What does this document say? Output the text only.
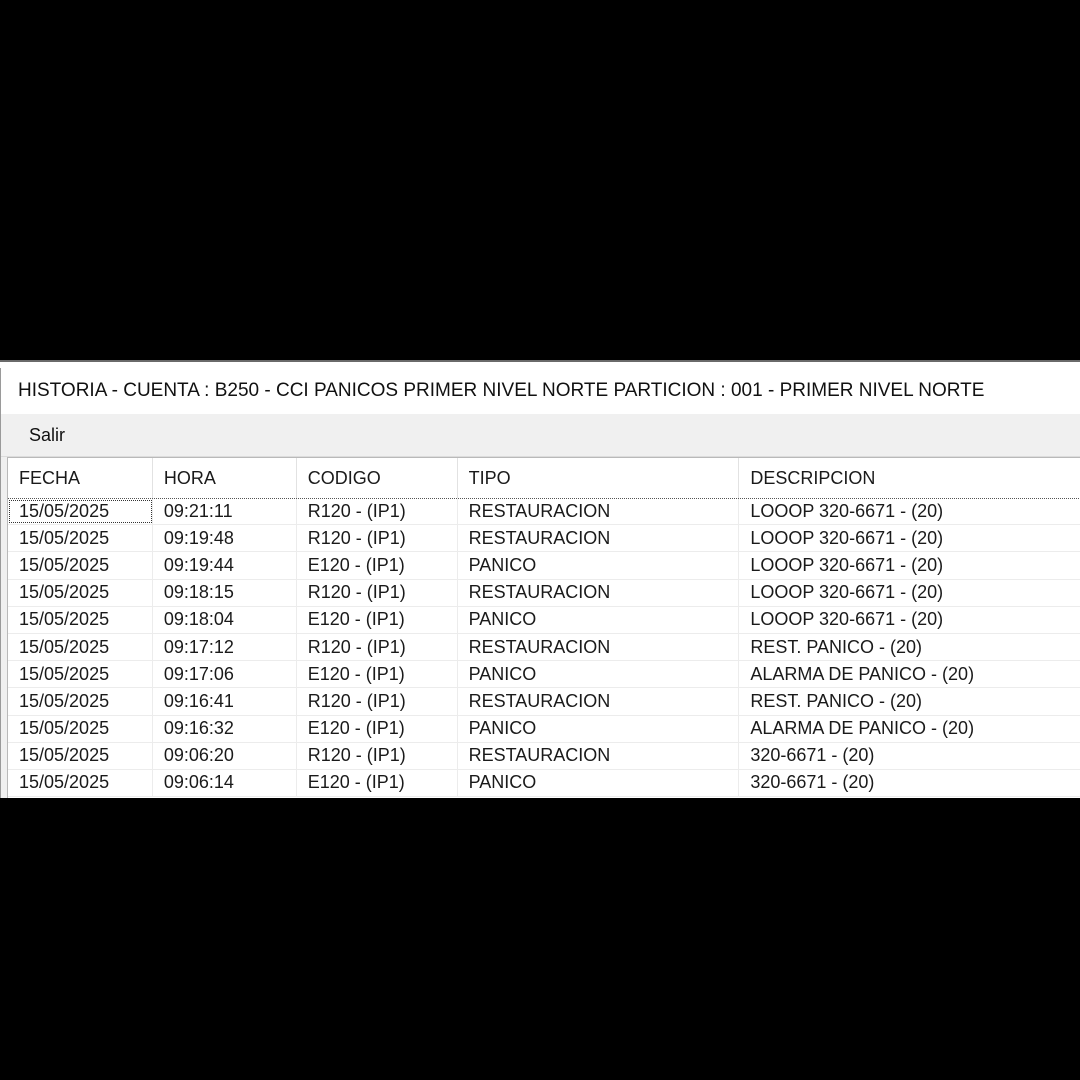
HISTORIA - CUENTA : B250 - CCI PANICOS PRIMER NIVEL NORTE PARTICION : 001 - PRIMER NIVEL NORTE
Salir
FECHA	HORA	CODIGO	TIPO	DESCRIPCION
15/05/2025	09:21:11	R120 - (IP1)	RESTAURACION	LOOOP 320-6671 - (20)
15/05/2025	09:19:48	R120 - (IP1)	RESTAURACION	LOOOP 320-6671 - (20)
15/05/2025	09:19:44	E120 - (IP1)	PANICO	LOOOP 320-6671 - (20)
15/05/2025	09:18:15	R120 - (IP1)	RESTAURACION	LOOOP 320-6671 - (20)
15/05/2025	09:18:04	E120 - (IP1)	PANICO	LOOOP 320-6671 - (20)
15/05/2025	09:17:12	R120 - (IP1)	RESTAURACION	REST. PANICO - (20)
15/05/2025	09:17:06	E120 - (IP1)	PANICO	ALARMA DE PANICO - (20)
15/05/2025	09:16:41	R120 - (IP1)	RESTAURACION	REST. PANICO - (20)
15/05/2025	09:16:32	E120 - (IP1)	PANICO	ALARMA DE PANICO - (20)
15/05/2025	09:06:20	R120 - (IP1)	RESTAURACION	320-6671 - (20)
15/05/2025	09:06:14	E120 - (IP1)	PANICO	320-6671 - (20)
